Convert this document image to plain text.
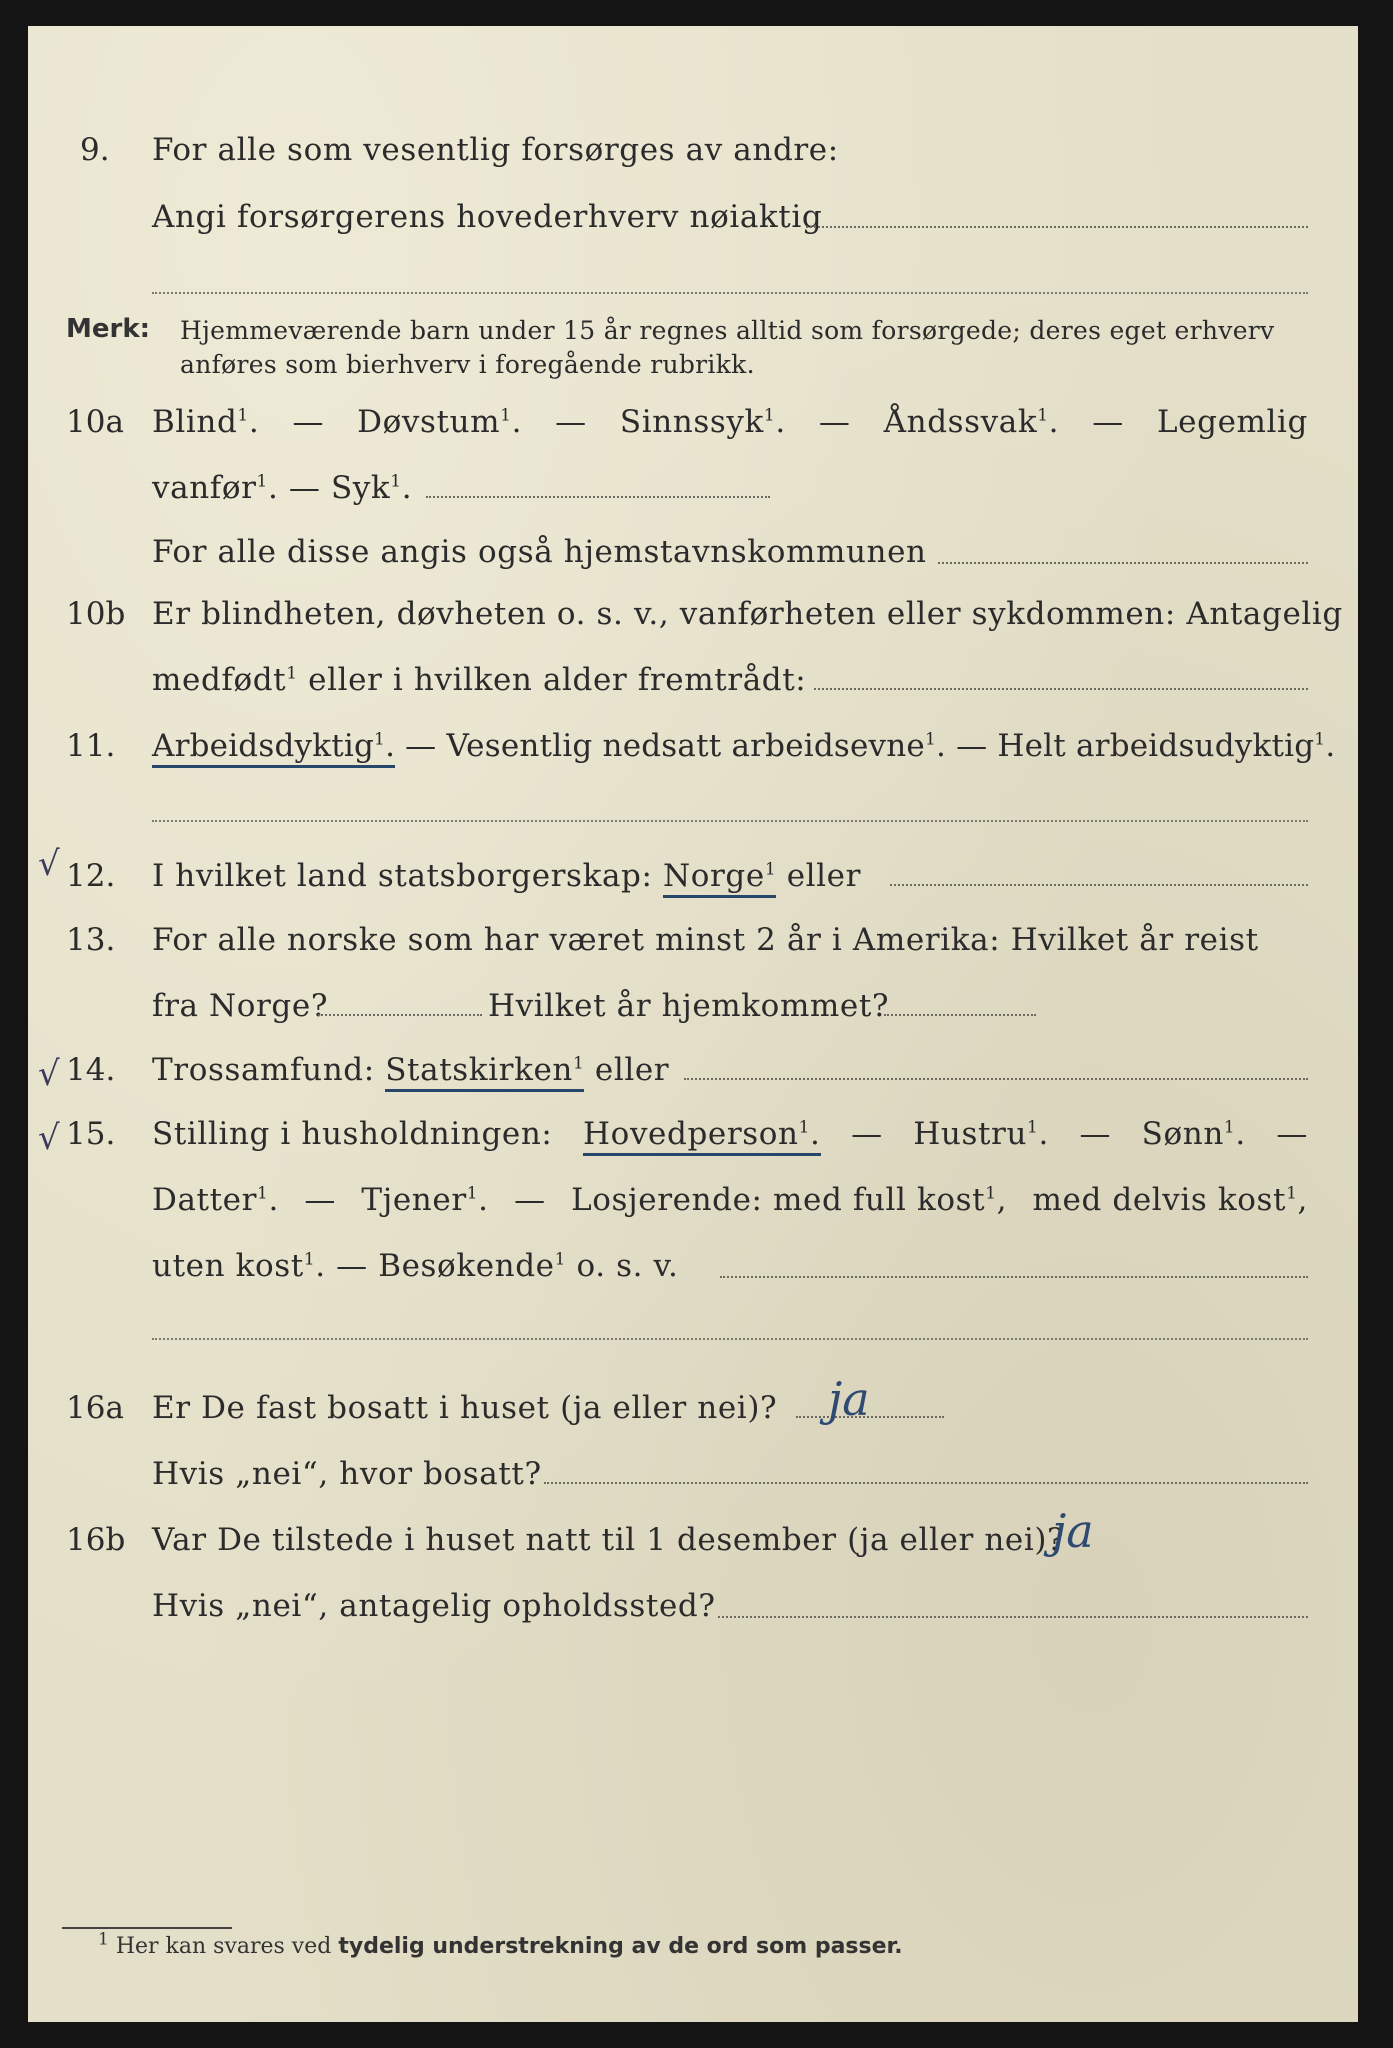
9. For alle som vesentlig forsørges av andre:
Angi forsørgerens hovederhverv nøiaktig
Merk: Hjemmeværende barn under 15 år regnes alltid som forsørgede; deres eget erhverv
anføres som bierhverv i foregående rubrikk.
10a Blind$^1$. — Døvstum$^1$. — Sinnssyk$^1$. — Åndssvak$^1$. — Legemlig
vanfør$^1$. — Syk$^1$.
For alle disse angis også hjemstavnskommunen
10b Er blindheten, døvheten o. s. v., vanførheten eller sykdommen: Antagelig
medfødt$^1$ eller i hvilken alder fremtrådt:
11. Arbeidsdyktig$^1$. — Vesentlig nedsatt arbeidsevne$^1$. — Helt arbeidsudyktig$^1$.
√ 12. I hvilket land statsborgerskap: Norge$^1$ eller
13. For alle norske som har været minst 2 år i Amerika: Hvilket år reist
fra Norge?	Hvilket år hjemkommet?
√ 14. Trossamfund: Statskirken$^1$ eller
√ 15. Stilling i husholdningen: Hovedperson$^1$. — Hustru$^1$. — Sønn$^1$. —
Datter$^1$. — Tjener$^1$. — Losjerende: med full kost$^1$, med delvis kost$^1$,
uten kost$^1$. — Besøkende$^1$ o. s. v.
16a Er De fast bosatt i huset (ja eller nei)? ja
Hvis „nei“, hvor bosatt?
16b Var De tilstede i huset natt til 1 desember (ja eller nei)?
ja
Hvis „nei“, antagelig opholdssted?
$^1$ Her kan svares ved tydelig understrekning av de ord som passer.
